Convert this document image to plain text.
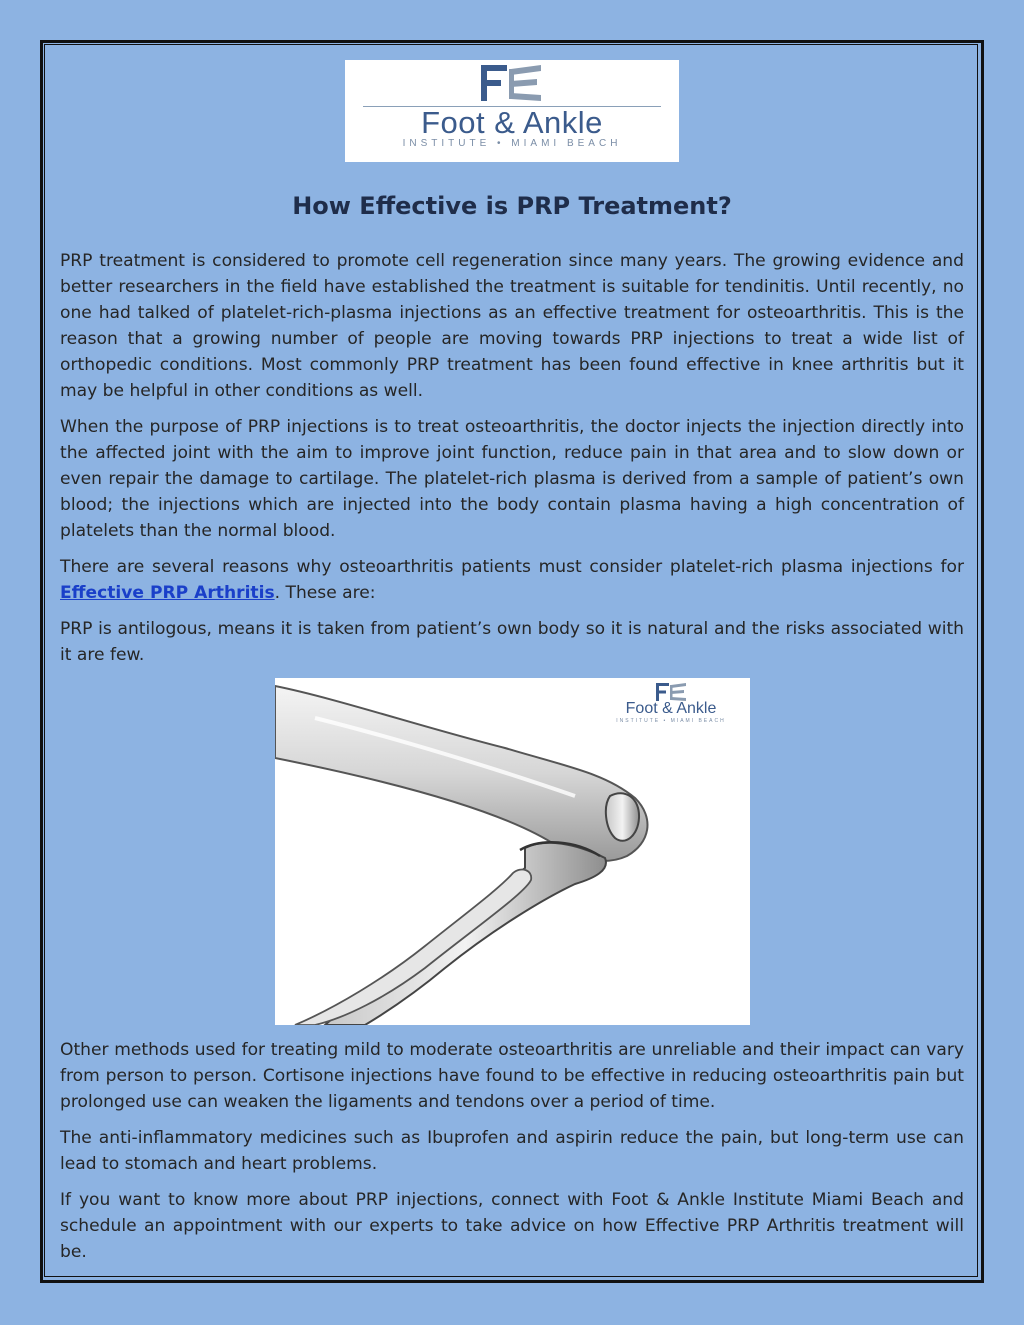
Foot & Ankle
INSTITUTE • MIAMI BEACH
How Effective is PRP Treatment?

PRP treatment is considered to promote cell regeneration since many years. The growing evidence and better researchers in the field have established the treatment is suitable for tendinitis. Until recently, no one had talked of platelet-rich-plasma injections as an effective treatment for osteoarthritis. This is the reason that a growing number of people are moving towards PRP injections to treat a wide list of orthopedic conditions. Most commonly PRP treatment has been found effective in knee arthritis but it may be helpful in other conditions as well.

When the purpose of PRP injections is to treat osteoarthritis, the doctor injects the injection directly into the affected joint with the aim to improve joint function, reduce pain in that area and to slow down or even repair the damage to cartilage. The platelet-rich plasma is derived from a sample of patient’s own blood; the injections which are injected into the body contain plasma having a high concentration of platelets than the normal blood.

There are several reasons why osteoarthritis patients must consider platelet-rich plasma injections for Effective PRP Arthritis. These are:

PRP is antilogous, means it is taken from patient’s own body so it is natural and the risks associated with it are few.

Foot & Ankle
INSTITUTE • MIAMI BEACH

Other methods used for treating mild to moderate osteoarthritis are unreliable and their impact can vary from person to person. Cortisone injections have found to be effective in reducing osteoarthritis pain but prolonged use can weaken the ligaments and tendons over a period of time.

The anti-inflammatory medicines such as Ibuprofen and aspirin reduce the pain, but long-term use can lead to stomach and heart problems.

If you want to know more about PRP injections, connect with Foot & Ankle Institute Miami Beach and schedule an appointment with our experts to take advice on how Effective PRP Arthritis treatment will be.
